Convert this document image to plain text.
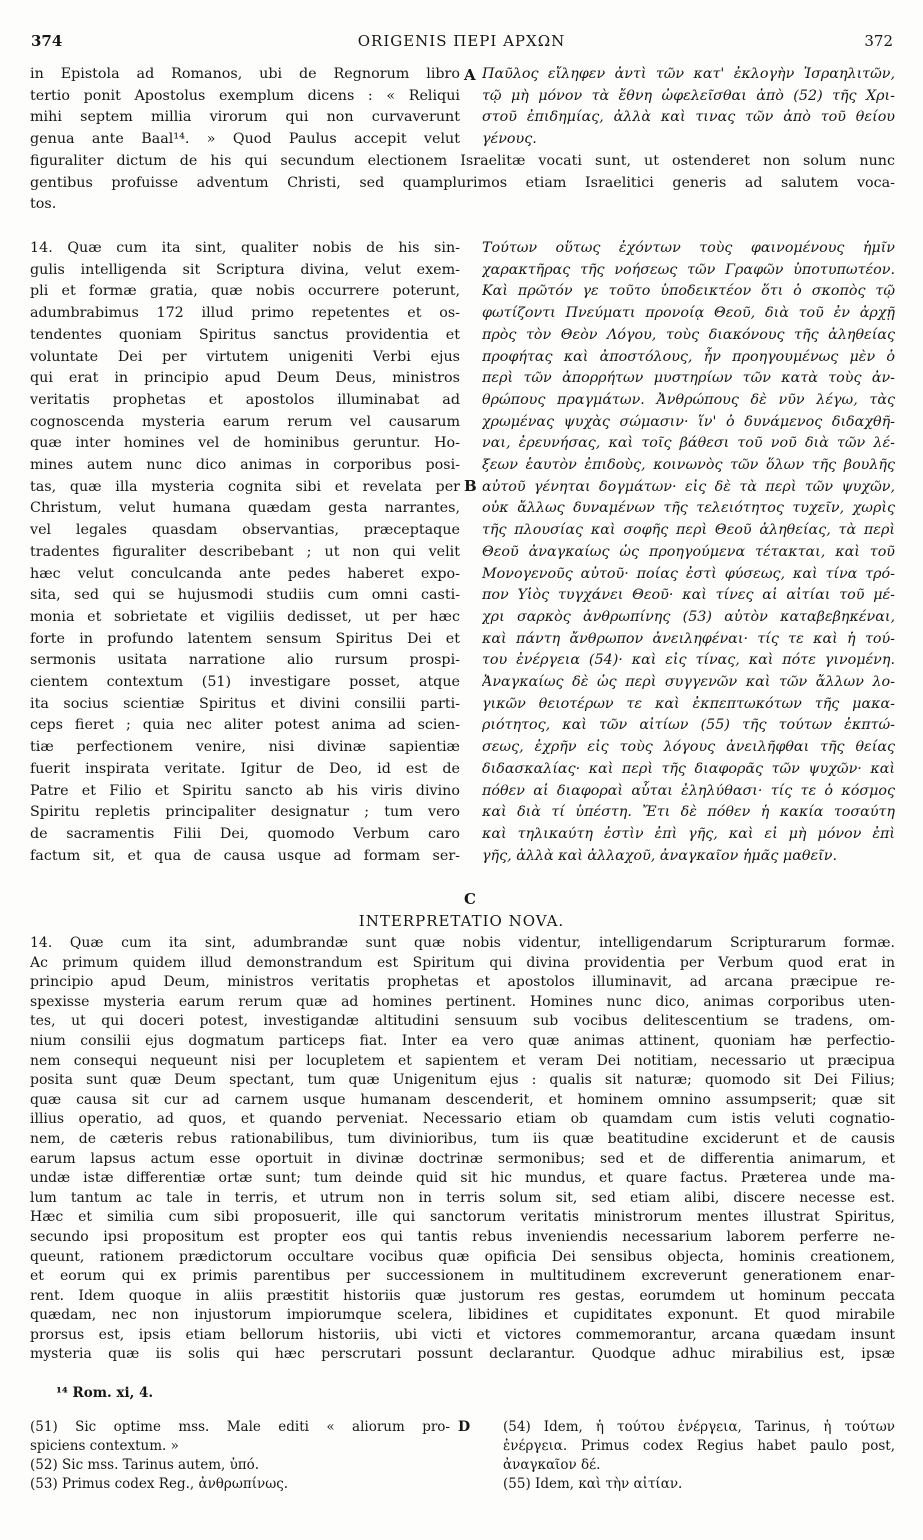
374	ORIGENIS ΠΕΡΙ ΑΡΧΩΝ	372
in Epistola ad Romanos, ubi de Regnorum libro
tertio ponit Apostolus exemplum dicens : « Reliqui
mihi septem millia virorum qui non curvaverunt
genua ante Baal¹⁴. » Quod Paulus accepit velut
A Παῦλος εἴληφεν ἀντὶ τῶν κατ' ἐκλογὴν Ἰσραηλιτῶν,
τῷ μὴ μόνον τὰ ἔθνη ὠφελεῖσθαι ἀπὸ (52) τῆς Χρι-
στοῦ ἐπιδημίας, ἀλλὰ καὶ τινας τῶν ἀπὸ τοῦ θείου
γένους.
figuraliter dictum de his qui secundum electionem Israelitæ vocati sunt, ut ostenderet non solum nunc
gentibus profuisse adventum Christi, sed quamplurimos etiam Israelitici generis ad salutem voca-
tos.
14. Quæ cum ita sint, qualiter nobis de his sin-
gulis intelligenda sit Scriptura divina, velut exem-
pli et formæ gratia, quæ nobis occurrere poterunt,
adumbrabimus 172 illud primo repetentes et os-
tendentes quoniam Spiritus sanctus providentia et
voluntate Dei per virtutem unigeniti Verbi ejus
qui erat in principio apud Deum Deus, ministros
veritatis prophetas et apostolos illuminabat ad
cognoscenda mysteria earum rerum vel causarum
quæ inter homines vel de hominibus geruntur. Ho-
mines autem nunc dico animas in corporibus posi-
tas, quæ illa mysteria cognita sibi et revelata per
Christum, velut humana quædam gesta narrantes,
vel legales quasdam observantias, præceptaque
tradentes figuraliter describebant ; ut non qui velit
hæc velut conculcanda ante pedes haberet expo-
sita, sed qui se hujusmodi studiis cum omni casti-
monia et sobrietate et vigiliis dedisset, ut per hæc
forte in profundo latentem sensum Spiritus Dei et
sermonis usitata narratione alio rursum prospi-
cientem contextum (51) investigare posset, atque
ita socius scientiæ Spiritus et divini consilii parti-
ceps fieret ; quia nec aliter potest anima ad scien-
tiæ perfectionem venire, nisi divinæ sapientiæ
fuerit inspirata veritate. Igitur de Deo, id est de
Patre et Filio et Spiritu sancto ab his viris divino
Spiritu repletis principaliter designatur ; tum vero
de sacramentis Filii Dei, quomodo Verbum caro
factum sit, et qua de causa usque ad formam ser-
B
C
Τούτων οὕτως ἐχόντων τοὺς φαινομένους ἡμῖν
χαρακτῆρας τῆς νοήσεως τῶν Γραφῶν ὑποτυπωτέον.
Καὶ πρῶτόν γε τοῦτο ὑποδεικτέον ὅτι ὁ σκοπὸς τῷ
φωτίζοντι Πνεύματι προνοίᾳ Θεοῦ, διὰ τοῦ ἐν ἀρχῇ
πρὸς τὸν Θεὸν Λόγου, τοὺς διακόνους τῆς ἀληθείας
προφήτας καὶ ἀποστόλους, ἦν προηγουμένως μὲν ὁ
περὶ τῶν ἀπορρήτων μυστηρίων τῶν κατὰ τοὺς ἀν-
θρώπους πραγμάτων. Ἀνθρώπους δὲ νῦν λέγω, τὰς
χρωμένας ψυχὰς σώμασιν· ἵν' ὁ δυνάμενος διδαχθῆ-
ναι, ἐρευνήσας, καὶ τοῖς βάθεσι τοῦ νοῦ διὰ τῶν λέ-
ξεων ἑαυτὸν ἐπιδοὺς, κοινωνὸς τῶν ὅλων τῆς βουλῆς
αὐτοῦ γένηται δογμάτων· εἰς δὲ τὰ περὶ τῶν ψυχῶν,
οὐκ ἄλλως δυναμένων τῆς τελειότητος τυχεῖν, χωρὶς
τῆς πλουσίας καὶ σοφῆς περὶ Θεοῦ ἀληθείας, τὰ περὶ
Θεοῦ ἀναγκαίως ὡς προηγούμενα τέτακται, καὶ τοῦ
Μονογενοῦς αὐτοῦ· ποίας ἐστὶ φύσεως, καὶ τίνα τρό-
πον Υἱὸς τυγχάνει Θεοῦ· καὶ τίνες αἱ αἰτίαι τοῦ μέ-
χρι σαρκὸς ἀνθρωπίνης (53) αὐτὸν καταβεβηκέναι,
καὶ πάντη ἄνθρωπον ἀνειληφέναι· τίς τε καὶ ἡ τού-
του ἐνέργεια (54)· καὶ εἰς τίνας, καὶ πότε γινομένη.
Ἀναγκαίως δὲ ὡς περὶ συγγενῶν καὶ τῶν ἄλλων λο-
γικῶν θειοτέρων τε καὶ ἐκπεπτωκότων τῆς μακα-
ριότητος, καὶ τῶν αἰτίων (55) τῆς τούτων ἐκπτώ-
σεως, ἐχρῆν εἰς τοὺς λόγους ἀνειλῆφθαι τῆς θείας
διδασκαλίας· καὶ περὶ τῆς διαφορᾶς τῶν ψυχῶν· καὶ
πόθεν αἱ διαφοραὶ αὗται ἐληλύθασι· τίς τε ὁ κόσμος
καὶ διὰ τί ὑπέστη. Ἔτι δὲ πόθεν ἡ κακία τοσαύτη
καὶ τηλικαύτη ἐστὶν ἐπὶ γῆς, καὶ εἰ μὴ μόνον ἐπὶ
γῆς, ἀλλὰ καὶ ἀλλαχοῦ, ἀναγκαῖον ἡμᾶς μαθεῖν.
INTERPRETATIO NOVA.
14. Quæ cum ita sint, adumbrandæ sunt quæ nobis videntur, intelligendarum Scripturarum formæ.
Ac primum quidem illud demonstrandum est Spiritum qui divina providentia per Verbum quod erat in
principio apud Deum, ministros veritatis prophetas et apostolos illuminavit, ad arcana præcipue re-
spexisse mysteria earum rerum quæ ad homines pertinent. Homines nunc dico, animas corporibus uten-
tes, ut qui doceri potest, investigandæ altitudini sensuum sub vocibus delitescentium se tradens, om-
nium consilii ejus dogmatum particeps fiat. Inter ea vero quæ animas attinent, quoniam hæ perfectio-
nem consequi nequeunt nisi per locupletem et sapientem et veram Dei notitiam, necessario ut præcipua
posita sunt quæ Deum spectant, tum quæ Unigenitum ejus : qualis sit naturæ; quomodo sit Dei Filius;
quæ causa sit cur ad carnem usque humanam descenderit, et hominem omnino assumpserit; quæ sit
illius operatio, ad quos, et quando perveniat. Necessario etiam ob quamdam cum istis veluti cognatio-
nem, de cæteris rebus rationabilibus, tum divinioribus, tum iis quæ beatitudine exciderunt et de causis
earum lapsus actum esse oportuit in divinæ doctrinæ sermonibus; sed et de differentia animarum, et
undæ istæ differentiæ ortæ sunt; tum deinde quid sit hic mundus, et quare factus. Præterea unde ma-
lum tantum ac tale in terris, et utrum non in terris solum sit, sed etiam alibi, discere necesse est.
Hæc et similia cum sibi proposuerit, ille qui sanctorum veritatis ministrorum mentes illustrat Spiritus,
secundo ipsi propositum est propter eos qui tantis rebus inveniendis necessarium laborem perferre ne-
queunt, rationem prædictorum occultare vocibus quæ opificia Dei sensibus objecta, hominis creationem,
et eorum qui ex primis parentibus per successionem in multitudinem excreverunt generationem enar-
rent. Idem quoque in aliis præstitit historiis quæ justorum res gestas, eorumdem ut hominum peccata
quædam, nec non injustorum impiorumque scelera, libidines et cupiditates exponunt. Et quod mirabile
prorsus est, ipsis etiam bellorum historiis, ubi victi et victores commemorantur, arcana quædam insunt
mysteria quæ iis solis qui hæc perscrutari possunt declarantur. Quodque adhuc mirabilius est, ipsæ
¹⁴ Rom. xi, 4.
(51) Sic optime mss. Male editi « aliorum pro-
spiciens contextum. »
(52) Sic mss. Tarinus autem, ὑπό.
(53) Primus codex Reg., ἀνθρωπίνως.
D (54) Idem, ἡ τούτου ἐνέργεια, Tarinus, ἡ τούτων
ἐνέργεια. Primus codex Regius habet paulo post,
ἀναγκαῖον δέ.
(55) Idem, καὶ τὴν αἰτίαν.
